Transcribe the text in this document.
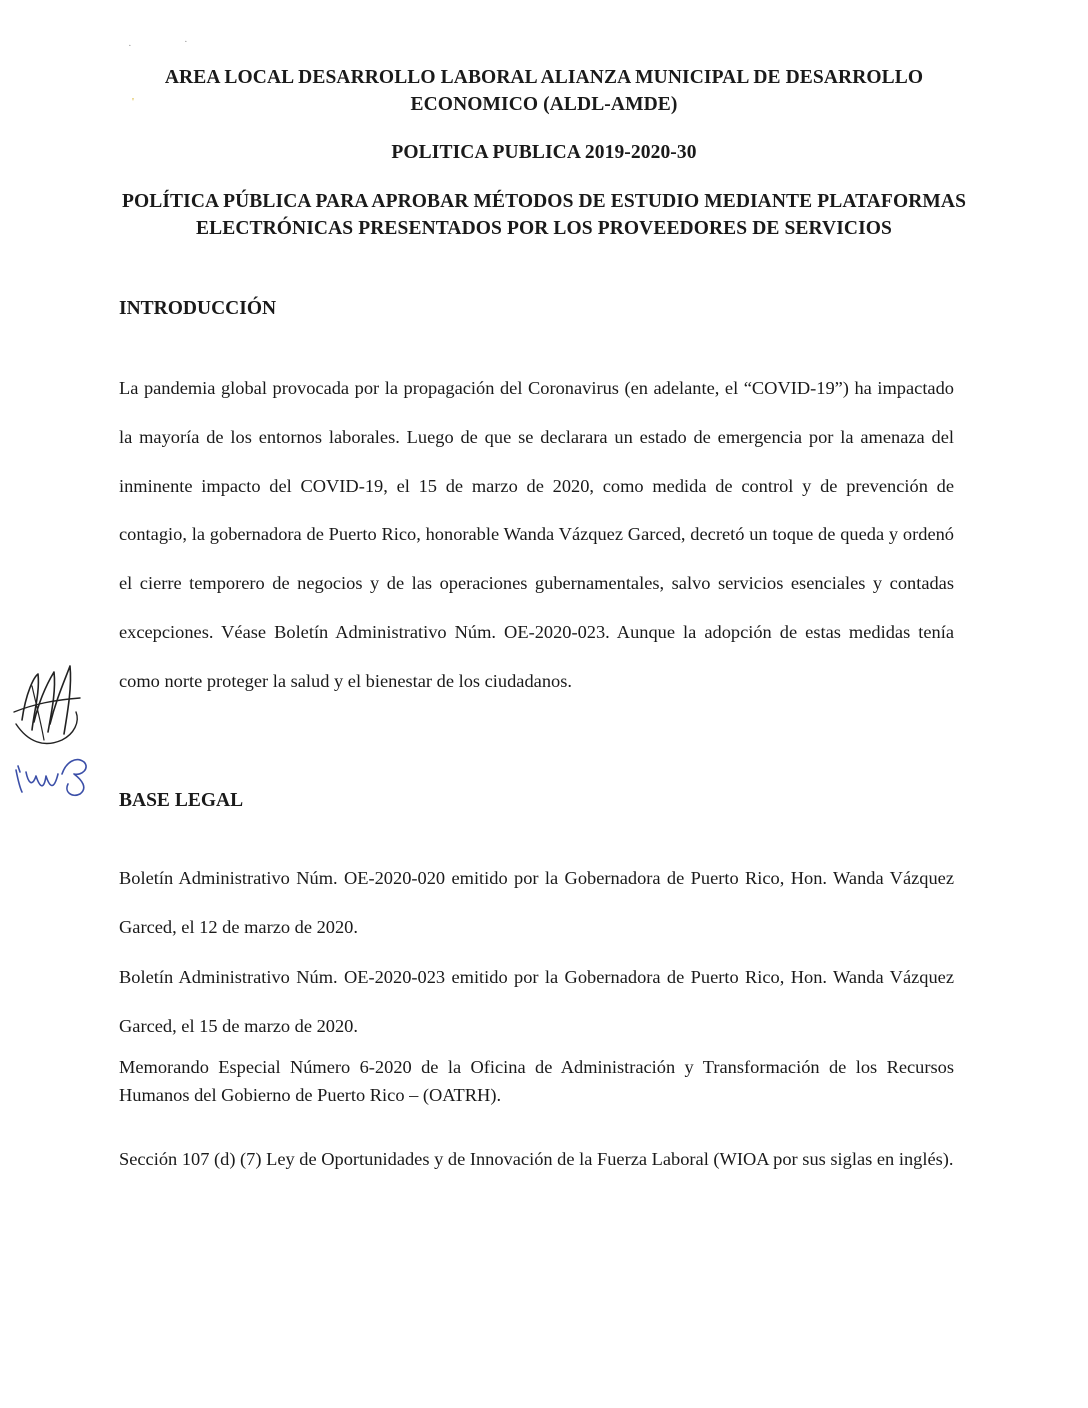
·	·
'
AREA LOCAL DESARROLLO LABORAL ALIANZA MUNICIPAL DE DESARROLLO ECONOMICO (ALDL-AMDE)
POLITICA PUBLICA 2019-2020-30
POLÍTICA PÚBLICA PARA APROBAR MÉTODOS DE ESTUDIO MEDIANTE PLATAFORMAS ELECTRÓNICAS PRESENTADOS POR LOS PROVEEDORES DE SERVICIOS
INTRODUCCIÓN

La pandemia global provocada por la propagación del Coronavirus (en adelante, el “COVID-19”) ha impactado la mayoría de los entornos laborales. Luego de que se declarara un estado de emergencia por la amenaza del inminente impacto del COVID-19, el 15 de marzo de 2020, como medida de control y de prevención de contagio, la gobernadora de Puerto Rico, honorable Wanda Vázquez Garced, decretó un toque de queda y ordenó el cierre temporero de negocios y de las operaciones gubernamentales, salvo servicios esenciales y contadas excepciones. Véase Boletín Administrativo Núm. OE-2020-023. Aunque la adopción de estas medidas tenía como norte proteger la salud y el bienestar de los ciudadanos.

BASE LEGAL

Boletín Administrativo Núm. OE-2020-020 emitido por la Gobernadora de Puerto Rico, Hon. Wanda Vázquez Garced, el 12 de marzo de 2020.

Boletín Administrativo Núm. OE-2020-023 emitido por la Gobernadora de Puerto Rico, Hon. Wanda Vázquez Garced, el 15 de marzo de 2020.

Memorando Especial Número 6-2020 de la Oficina de Administración y Transformación de los Recursos Humanos del Gobierno de Puerto Rico – (OATRH).

Sección 107 (d) (7) Ley de Oportunidades y de Innovación de la Fuerza Laboral (WIOA por sus siglas en inglés).
